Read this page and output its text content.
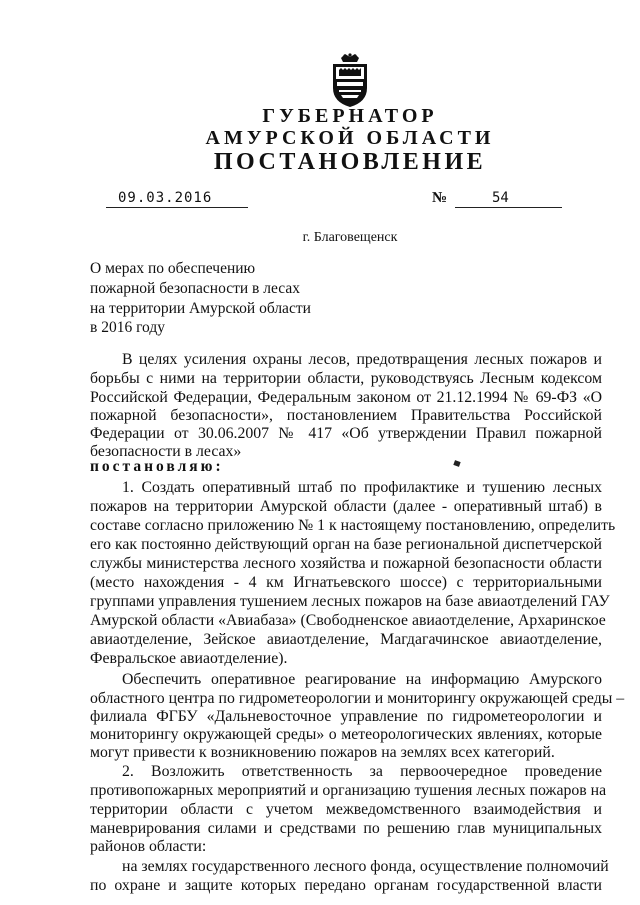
ГУБЕРНАТОР
АМУРСКОЙ ОБЛАСТИ
ПОСТАНОВЛЕНИЕ
09.03.2016	№	54
г. Благовещенск
О мерах по обеспечению
пожарной безопасности в лесах
на территории Амурской области
в 2016 году
В целях усиления охраны лесов, предотвращения лесных пожаров и
борьбы с ними на территории области, руководствуясь Лесным кодексом
Российской Федерации, Федеральным законом от 21.12.1994 № 69-ФЗ «О
пожарной безопасности», постановлением Правительства Российской
Федерации от 30.06.2007 № 417 «Об утверждении Правил пожарной
безопасности в лесах»
постановляю:
1. Создать оперативный штаб по профилактике и тушению лесных
пожаров на территории Амурской области (далее - оперативный штаб) в
составе согласно приложению № 1 к настоящему постановлению, определить
его как постоянно действующий орган на базе региональной диспетчерской
службы министерства лесного хозяйства и пожарной безопасности области
(место нахождения - 4 км Игнатьевского шоссе) с территориальными
группами управления тушением лесных пожаров на базе авиаотделений ГАУ
Амурской области «Авиабаза» (Свободненское авиаотделение, Архаринское
авиаотделение, Зейское авиаотделение, Магдагачинское авиаотделение,
Февральское авиаотделение).
Обеспечить оперативное реагирование на информацию Амурского
областного центра по гидрометеорологии и мониторингу окружающей среды –
филиала ФГБУ «Дальневосточное управление по гидрометеорологии и
мониторингу окружающей среды» о метеорологических явлениях, которые
могут привести к возникновению пожаров на землях всех категорий.
2. Возложить ответственность за первоочередное проведение
противопожарных мероприятий и организацию тушения лесных пожаров на
территории области с учетом межведомственного взаимодействия и
маневрирования силами и средствами по решению глав муниципальных
районов области:
на землях государственного лесного фонда, осуществление полномочий
по охране и защите которых передано органам государственной власти
